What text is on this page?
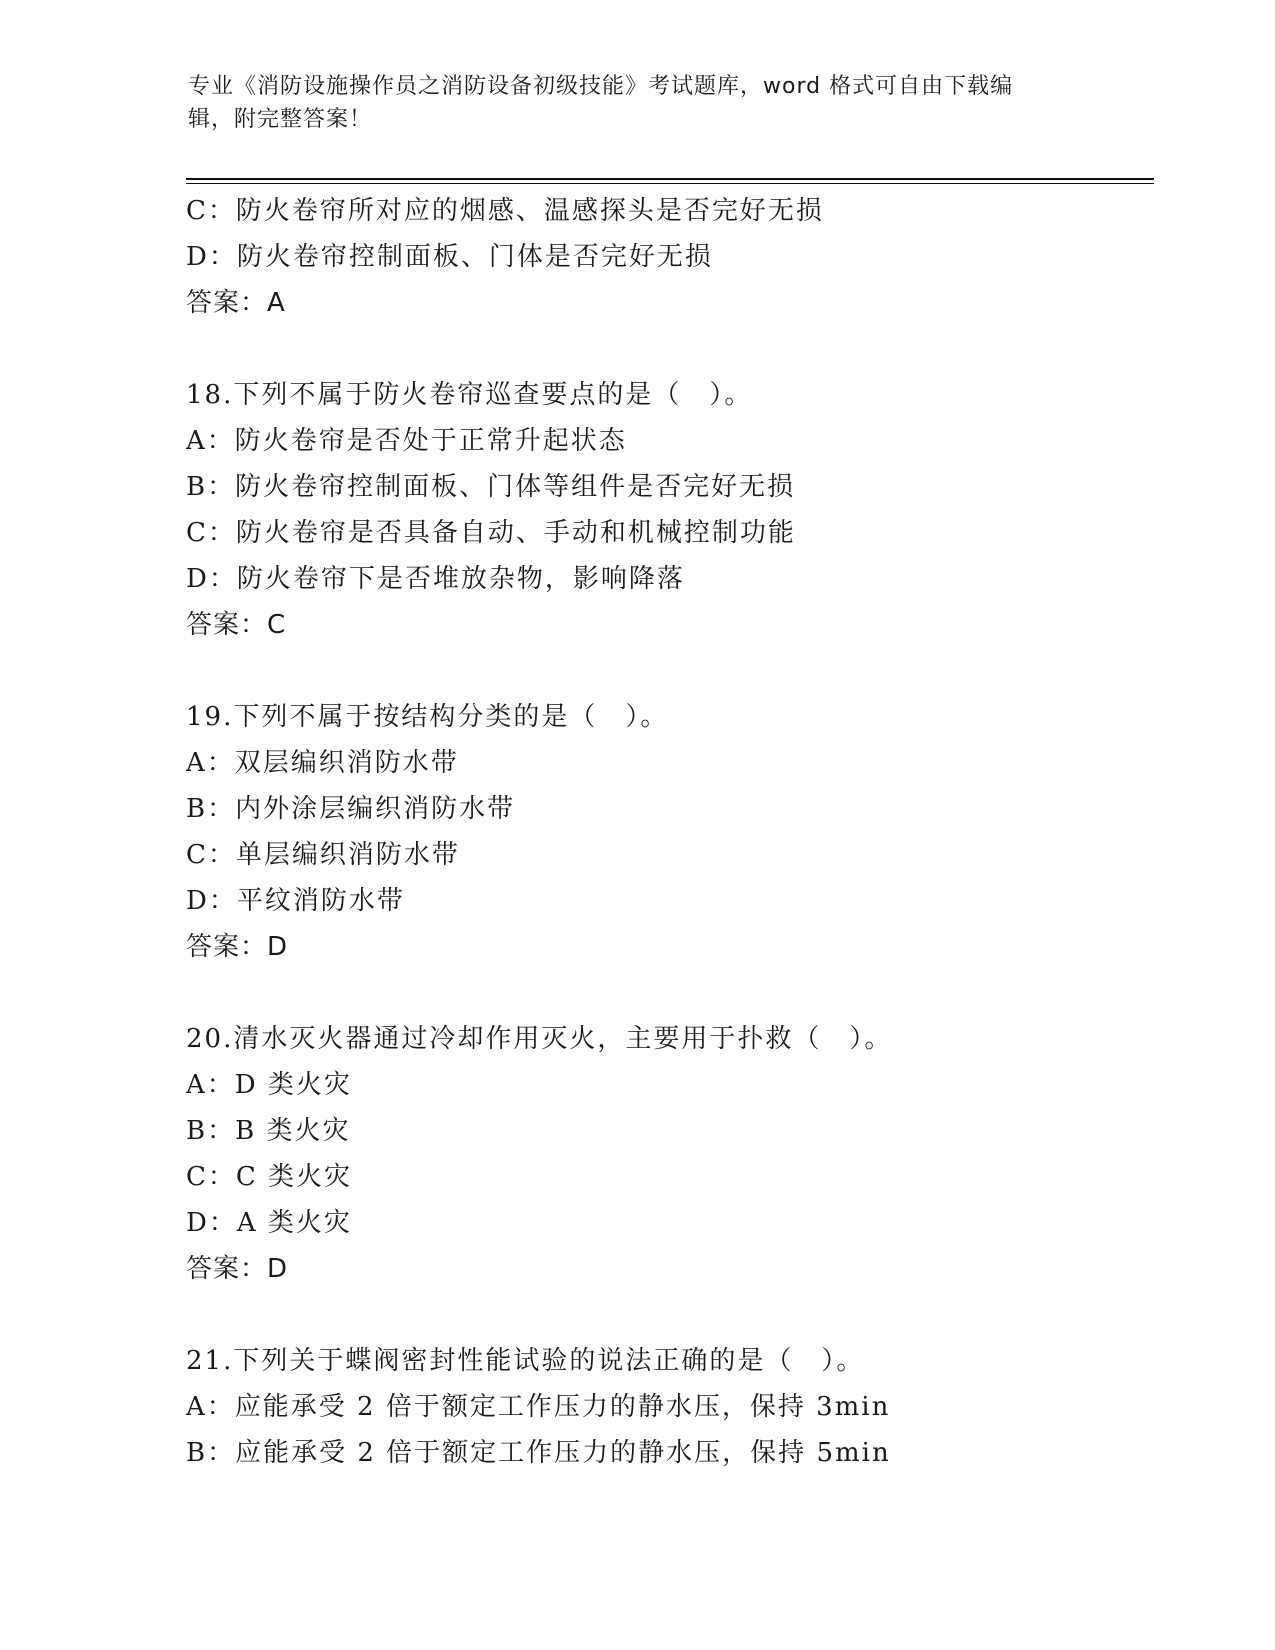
专业《消防设施操作员之消防设备初级技能》考试题库，word 格式可自由下载编
辑，附完整答案！
C：防火卷帘所对应的烟感、温感探头是否完好无损
D：防火卷帘控制面板、门体是否完好无损
答案：A
18.下列不属于防火卷帘巡查要点的是（　）。
A：防火卷帘是否处于正常升起状态
B：防火卷帘控制面板、门体等组件是否完好无损
C：防火卷帘是否具备自动、手动和机械控制功能
D：防火卷帘下是否堆放杂物，影响降落
答案：C
19.下列不属于按结构分类的是（　）。
A：双层编织消防水带
B：内外涂层编织消防水带
C：单层编织消防水带
D：平纹消防水带
答案：D
20.清水灭火器通过冷却作用灭火，主要用于扑救（　）。
A：D 类火灾
B：B 类火灾
C：C 类火灾
D：A 类火灾
答案：D
21.下列关于蝶阀密封性能试验的说法正确的是（　）。
A：应能承受 2 倍于额定工作压力的静水压，保持 3min
B：应能承受 2 倍于额定工作压力的静水压，保持 5min
